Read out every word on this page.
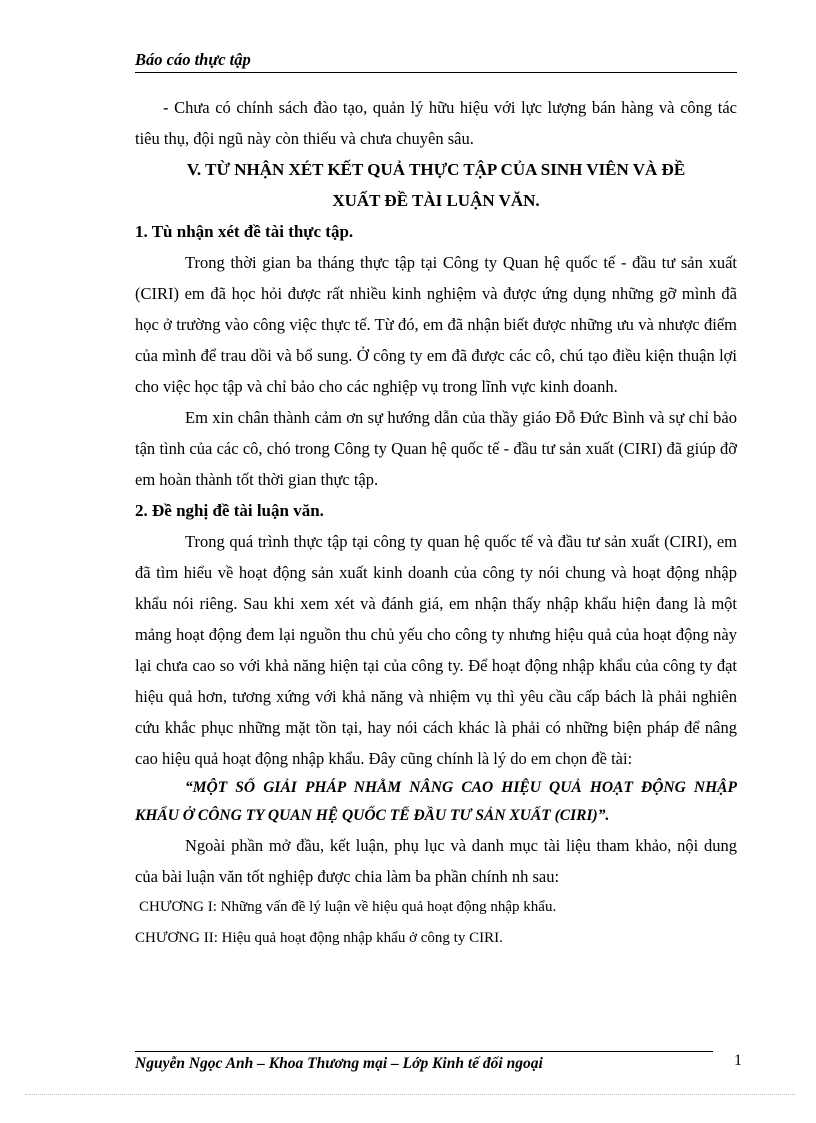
Báo cáo thực tập

- Chưa có chính sách đào tạo, quản lý hữu hiệu với lực lượng bán hàng và công tác tiêu thụ, đội ngũ này còn thiếu và chưa chuyên sâu.

V. TỪ NHẬN XÉT KẾT QUẢ THỰC TẬP CỦA SINH VIÊN VÀ ĐỀ

XUẤT ĐỀ TÀI LUẬN VĂN.

1. Tù nhận xét đề tài thực tập.

Trong thời gian ba tháng thực tập tại Công ty Quan hệ quốc tế - đầu tư sản xuất (CIRI) em đã học hỏi được rất nhiều kinh nghiệm và được ứng dụng những gỡ mình đã học ở trường vào công việc thực tế. Từ đó, em đã nhận biết được những ưu và nhược điểm của mình để trau dồi và bổ sung. Ở công ty em đã được các cô, chú tạo điều kiện thuận lợi cho việc học tập và chỉ bảo cho các nghiệp vụ trong lĩnh vực kinh doanh.

Em xin chân thành cảm ơn sự hướng dẫn của thầy giáo Đỗ Đức Bình và sự chỉ bảo tận tình của các cô, chó trong Công ty Quan hệ quốc tế - đầu tư sản xuất (CIRI) đã giúp đỡ em hoàn thành tốt thời gian thực tập.

2. Đề nghị đề tài luận văn.

Trong quá trình thực tập tại công ty quan hệ quốc tế và đầu tư sản xuất (CIRI), em đã tìm hiểu về hoạt động sản xuất kinh doanh của công ty nói chung và hoạt động nhập khẩu nói riêng. Sau khi xem xét và đánh giá, em nhận thấy nhập khẩu hiện đang là một mảng hoạt động đem lại nguồn thu chủ yếu cho công ty nhưng hiệu quả của hoạt động này lại chưa cao so với khả năng hiện tại của công ty. Để hoạt động nhập khẩu của công ty đạt hiệu quả hơn, tương xứng với khả năng và nhiệm vụ thì yêu cầu cấp bách là phải nghiên cứu khắc phục những mặt tồn tại, hay nói cách khác là phải có những biện pháp để nâng cao hiệu quả hoạt động nhập khẩu. Đây cũng chính là lý do em chọn đề tài:

“MỘT SỐ GIẢI PHÁP NHẰM NÂNG CAO HIỆU QUẢ HOẠT ĐỘNG NHẬP KHẨU Ở CÔNG TY QUAN HỆ QUỐC TẾ ĐẦU TƯ SẢN XUẤT (CIRI)”.

Ngoài phần mở đầu, kết luận, phụ lục và danh mục tài liệu tham khảo, nội dung của bài luận văn tốt nghiệp được chia làm ba phần chính nh sau:

CHƯƠNG I: Những vấn đề lý luận về hiệu quả hoạt động nhập khẩu.

CHƯƠNG II: Hiệu quả hoạt động nhập khẩu ở công ty CIRI.

Nguyễn Ngọc Anh – Khoa Thương mại – Lớp Kinh tế đối ngoại	1
